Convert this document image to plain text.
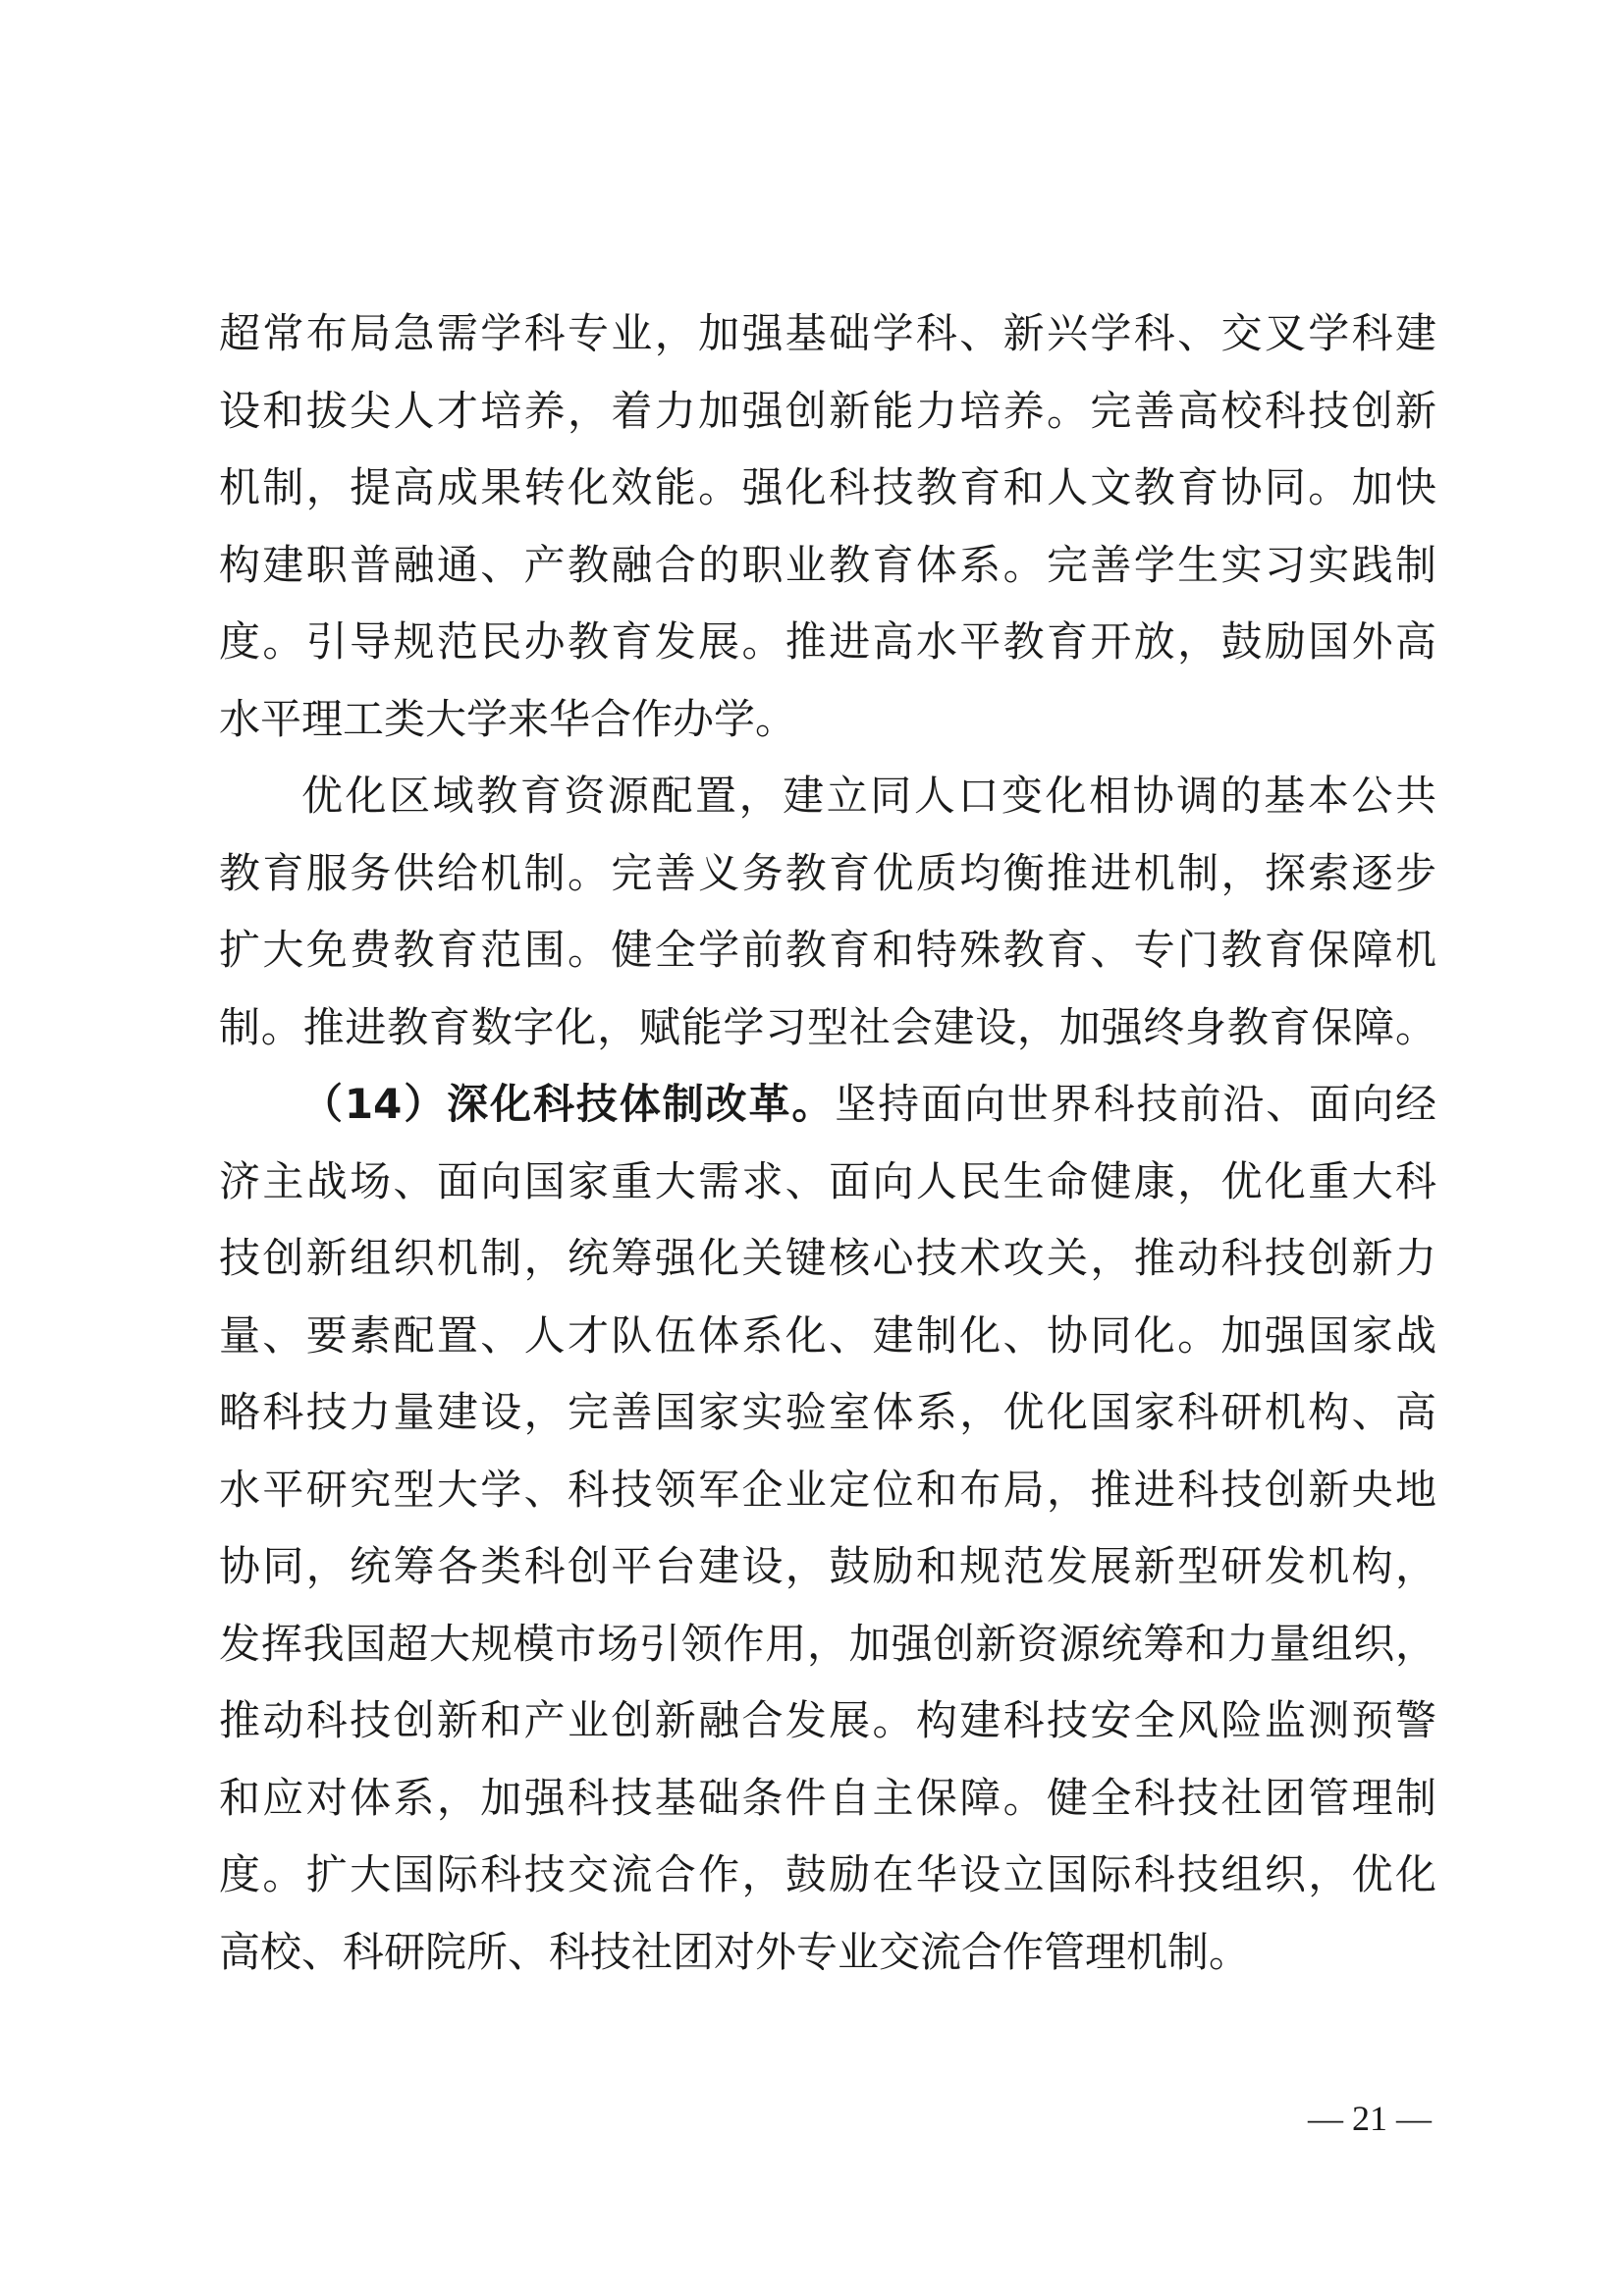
超常布局急需学科专业，加强基础学科、新兴学科、交叉学科建
设和拔尖人才培养，着力加强创新能力培养。完善高校科技创新
机制，提高成果转化效能。强化科技教育和人文教育协同。加快
构建职普融通、产教融合的职业教育体系。完善学生实习实践制
度。引导规范民办教育发展。推进高水平教育开放，鼓励国外高
水平理工类大学来华合作办学。
优化区域教育资源配置，建立同人口变化相协调的基本公共
教育服务供给机制。完善义务教育优质均衡推进机制，探索逐步
扩大免费教育范围。健全学前教育和特殊教育、专门教育保障机
制。推进教育数字化，赋能学习型社会建设，加强终身教育保障。
（14）深化科技体制改革。坚持面向世界科技前沿、面向经
济主战场、面向国家重大需求、面向人民生命健康，优化重大科
技创新组织机制，统筹强化关键核心技术攻关，推动科技创新力
量、要素配置、人才队伍体系化、建制化、协同化。加强国家战
略科技力量建设，完善国家实验室体系，优化国家科研机构、高
水平研究型大学、科技领军企业定位和布局，推进科技创新央地
协同，统筹各类科创平台建设，鼓励和规范发展新型研发机构，
发挥我国超大规模市场引领作用，加强创新资源统筹和力量组织，
推动科技创新和产业创新融合发展。构建科技安全风险监测预警
和应对体系，加强科技基础条件自主保障。健全科技社团管理制
度。扩大国际科技交流合作，鼓励在华设立国际科技组织，优化
高校、科研院所、科技社团对外专业交流合作管理机制。
— 21 —
